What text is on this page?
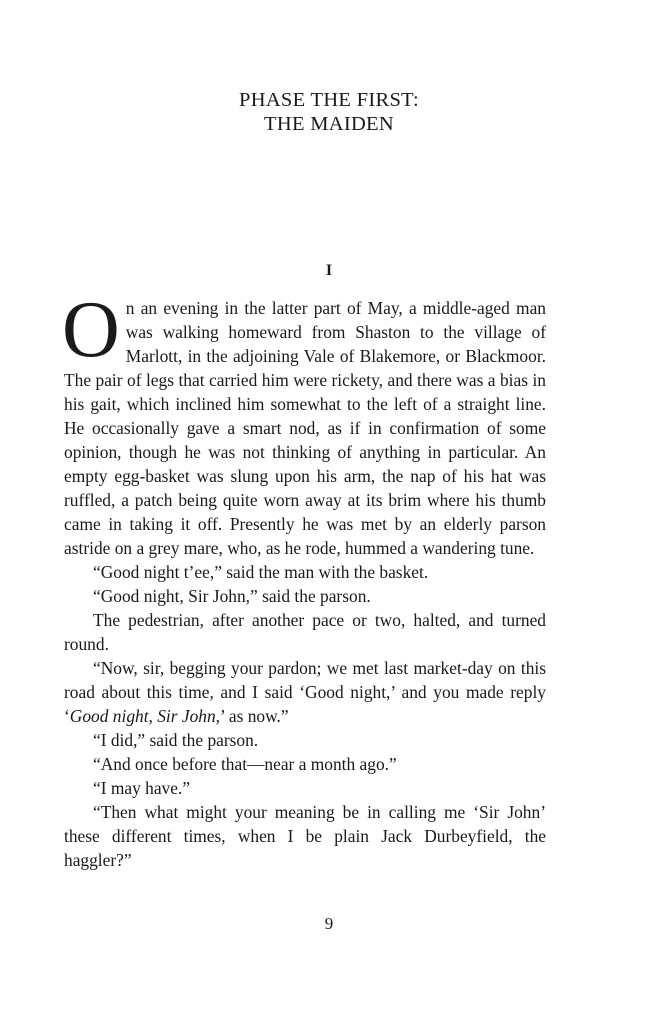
PHASE THE FIRST:
THE MAIDEN
I

On an evening in the latter part of May, a middle-aged man was walking homeward from Shaston to the village of Marlott, in the adjoining Vale of Blakemore, or Blackmoor. The pair of legs that carried him were rickety, and there was a bias in his gait, which inclined him somewhat to the left of a straight line. He occasionally gave a smart nod, as if in confirmation of some opinion, though he was not thinking of anything in particular. An empty egg-basket was slung upon his arm, the nap of his hat was ruffled, a patch being quite worn away at its brim where his thumb came in taking it off. Presently he was met by an elderly parson astride on a grey mare, who, as he rode, hummed a wandering tune.

“Good night t’ee,” said the man with the basket.

“Good night, Sir John,” said the parson.

The pedestrian, after another pace or two, halted, and turned round.

“Now, sir, begging your pardon; we met last market-day on this road about this time, and I said ‘Good night,’ and you made reply ‘Good night, Sir John,’ as now.”

“I did,” said the parson.

“And once before that—near a month ago.”

“I may have.”

“Then what might your meaning be in calling me ‘Sir John’ these different times, when I be plain Jack Durbeyfield, the haggler?”

9
